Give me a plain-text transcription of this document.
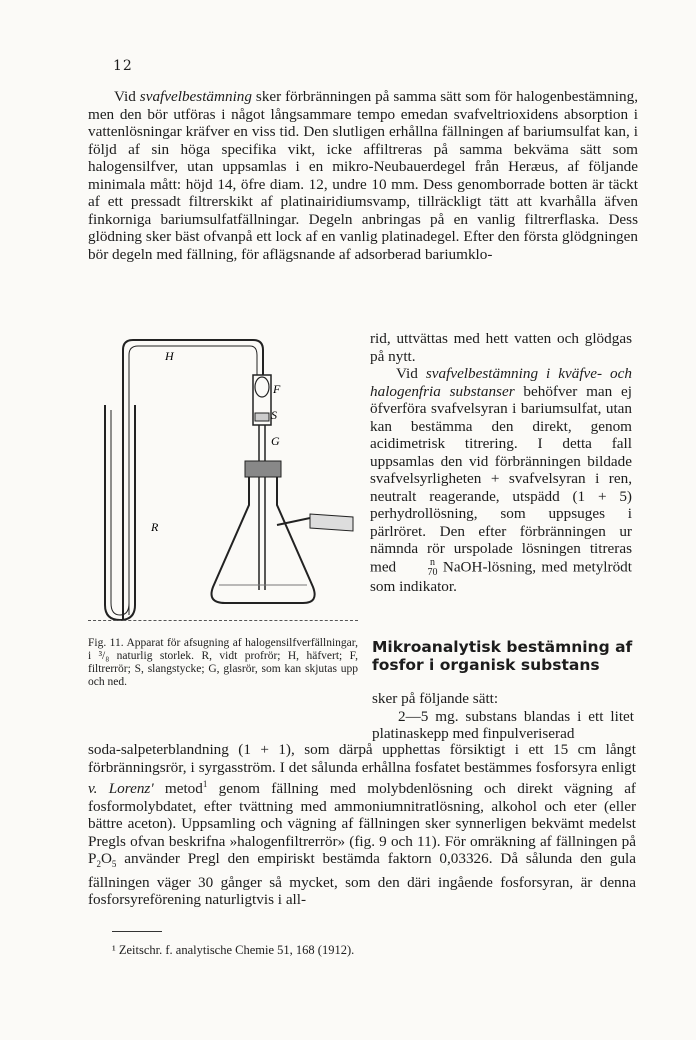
12
Vid svafvelbestämning sker förbränningen på samma sätt som för halogenbestämning, men den bör utföras i något långsammare tempo emedan svafveltrioxidens absorption i vattenlösningar kräfver en viss tid. Den slutligen erhållna fällningen af bariumsulfat kan, i följd af sin höga specifika vikt, icke affiltreras på samma bekväma sätt som halogensilfver, utan uppsamlas i en mikro-Neubauerdegel från Heræus, af följande minimala mått: höjd 14, öfre diam. 12, undre 10 mm. Dess genomborrade botten är täckt af ett pressadt filtrerskikt af platinairidiumsvamp, tillräckligt tätt att kvarhålla äfven finkorniga bariumsulfatfällningar. Degeln anbringas på en vanlig filtrerflaska. Dess glödning sker bäst ofvanpå ett lock af en vanlig platinadegel. Efter den första glödgningen bör degeln med fällning, för aflägsnande af adsorberad bariumklo-

rid, uttvättas med hett vatten och glödgas på nytt.

Vid svafvelbestämning i kväfve- och halogenfria substanser behöfver man ej öfverföra svafvelsyran i bariumsulfat, utan kan bestämma den direkt, genom acidimetrisk titrering. I detta fall uppsamlas den vid förbränningen bildade svafvelsyrligheten + svafvelsyran i ren, neutralt reagerande, utspädd (1 + 5) perhydrollösning, som uppsuges i pärlröret. Den efter förbränningen ur nämnda rör urspolade lösningen titreras med	n
70 NaOH-lösning, med metylrödt som indikator.

H
F
S
G
R
Fig. 11. Apparat för afsugning af halogensilfverfällningar, i ³/₈ naturlig storlek. R, vidt profrör; H, häfvert; F, filtrerrör; S, slangstycke; G, glasrör, som kan skjutas upp och ned.
Mikroanalytisk bestämning af fosfor i organisk substans
sker på följande sätt:
2—5 mg. substans blandas i ett litet platinaskepp med finpulveriserad
soda-salpeterblandning (1 + 1), som därpå upphettas försiktigt i ett 15 cm långt förbränningsrör, i syrgasström. I det sålunda erhållna fosfatet bestämmes fosforsyra enligt v. Lorenz' metod$^1$ genom fällning med molybdenlösning och direkt vägning af fosformolybdatet, efter tvättning med ammoniumnitratlösning, alkohol och eter (eller bättre aceton). Uppsamling och vägning af fällningen sker synnerligen bekvämt medelst Pregls ofvan beskrifna »halogenfiltrerrör» (fig. 9 och 11). För omräkning af fällningen på $P_2O_5$ använder Pregl den empiriskt bestämda faktorn 0,03326. Då sålunda den gula fällningen väger 30 gånger så mycket, som den däri ingående fosforsyran, är denna fosforsyreförening naturligtvis i all-
¹ Zeitschr. f. analytische Chemie 51, 168 (1912).
